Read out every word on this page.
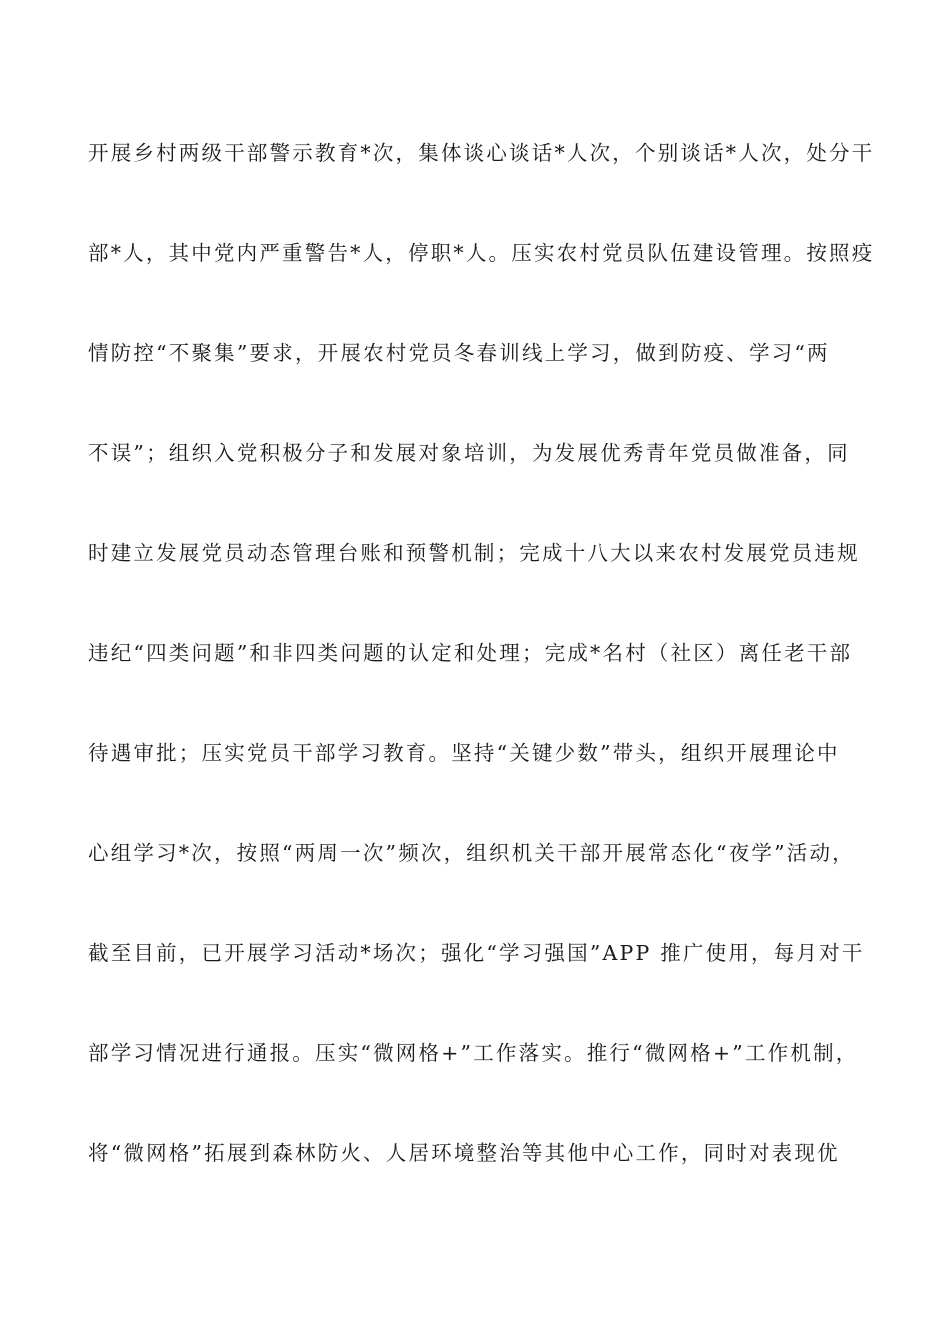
开展乡村两级干部警示教育*次，集体谈心谈话*人次，个别谈话*人次，处分干
部*人，其中党内严重警告*人，停职*人。压实农村党员队伍建设管理。按照疫
情防控“不聚集”要求，开展农村党员冬春训线上学习，做到防疫、学习“两
不误”；组织入党积极分子和发展对象培训，为发展优秀青年党员做准备，同
时建立发展党员动态管理台账和预警机制；完成十八大以来农村发展党员违规
违纪“四类问题”和非四类问题的认定和处理；完成*名村（社区）离任老干部
待遇审批；压实党员干部学习教育。坚持“关键少数”带头，组织开展理论中
心组学习*次，按照“两周一次”频次，组织机关干部开展常态化“夜学”活动，
截至目前，已开展学习活动*场次；强化“学习强国”APP 推广使用，每月对干
部学习情况进行通报。压实“微网格+”工作落实。推行“微网格+”工作机制，
将“微网格”拓展到森林防火、人居环境整治等其他中心工作，同时对表现优
